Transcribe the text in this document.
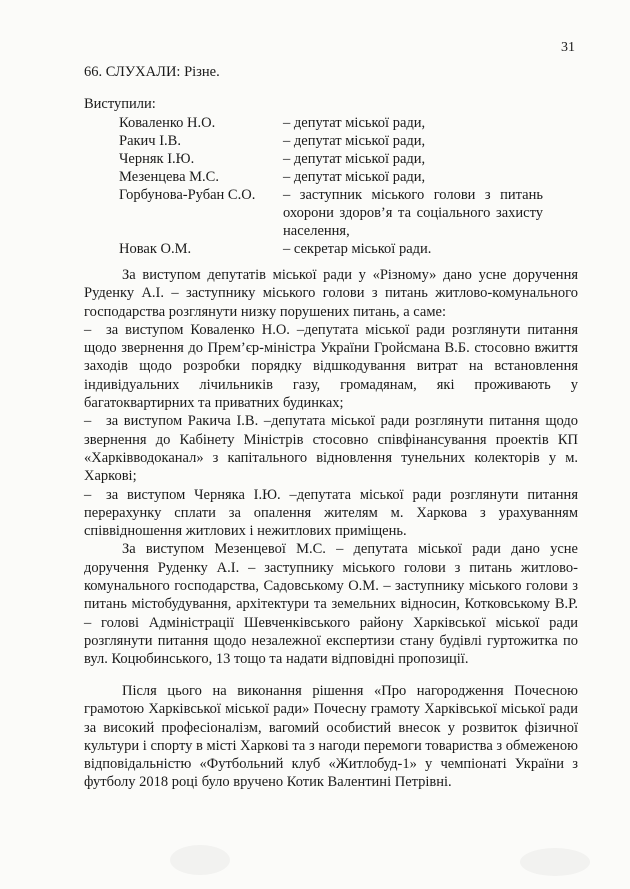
31
66. СЛУХАЛИ: Різне.
Виступили:
Коваленко Н.О.	– депутат міської ради,
Ракич І.В.	– депутат міської ради,
Черняк І.Ю.	– депутат міської ради,
Мезенцева М.С.	– депутат міської ради,
Горбунова-Рубан С.О.	– заступник міського голови з питань охорони здоров’я та соціального захисту населення,
Новак О.М.	– секретар міської ради.

За виступом депутатів міської ради у «Різному» дано усне доручення Руденку А.І. – заступнику міського голови з питань житлово-комунального господарства розглянути низку порушених питань, а саме:

– за виступом Коваленко Н.О. –депутата міської ради розглянути питання щодо звернення до Прем’єр-міністра України Гройсмана В.Б. стосовно вжиття заходів щодо розробки порядку відшкодування витрат на встановлення індивідуальних лічильників газу, громадянам, які проживають у багатоквартирних та приватних будинках;

– за виступом Ракича І.В. –депутата міської ради розглянути питання щодо звернення до Кабінету Міністрів стосовно співфінансування проектів КП «Харківводоканал» з капітального відновлення тунельних колекторів у м. Харкові;

– за виступом Черняка І.Ю. –депутата міської ради розглянути питання перерахунку сплати за опалення жителям м. Харкова з урахуванням співвідношення житлових і нежитлових приміщень.

За виступом Мезенцевої М.С. – депутата міської ради дано усне доручення Руденку А.І. – заступнику міського голови з питань житлово-комунального господарства, Садовському О.М. – заступнику міського голови з питань містобудування, архітектури та земельних відносин, Котковському В.Р. – голові Адміністрації Шевченківського району Харківської міської ради розглянути питання щодо незалежної експертизи стану будівлі гуртожитка по вул. Коцюбинського, 13 тощо та надати відповідні пропозиції.

Після цього на виконання рішення «Про нагородження Почесною грамотою Харківської міської ради» Почесну грамоту Харківської міської ради за високий професіоналізм, вагомий особистий внесок у розвиток фізичної культури і спорту в місті Харкові та з нагоди перемоги товариства з обмеженою відповідальністю «Футбольний клуб «Житлобуд-1» у чемпіонаті України з футболу 2018 році було вручено Котик Валентині Петрівні.
